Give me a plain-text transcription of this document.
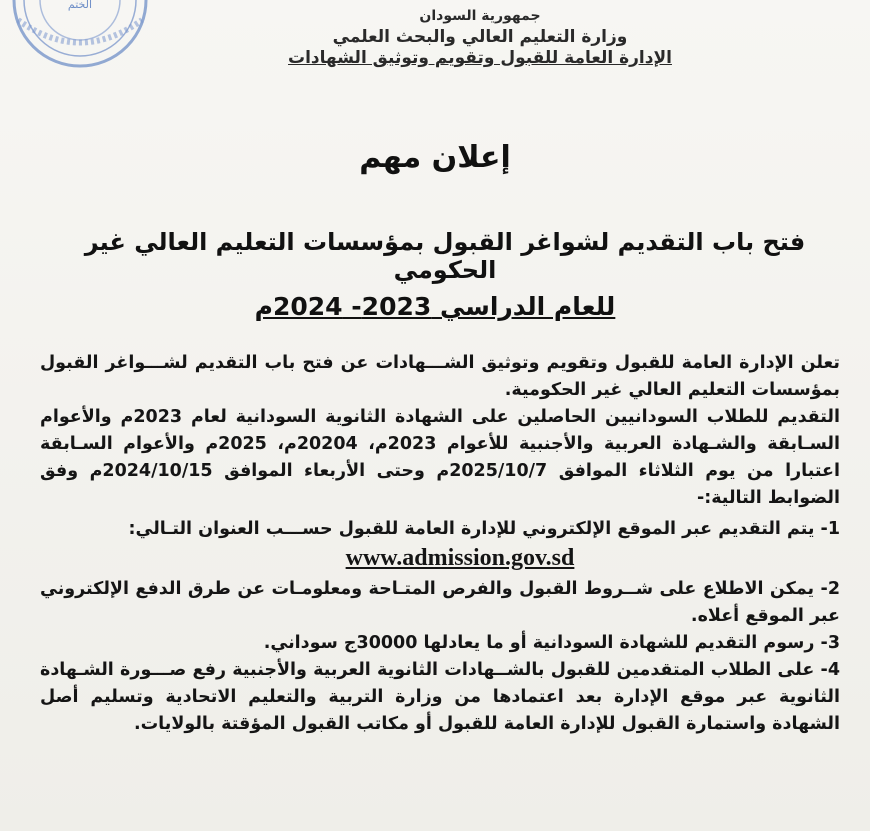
الختم
جمهورية السودان
وزارة التعليم العالي والبحث العلمي
الإدارة العامة للقبول وتقويم وتوثيق الشهادات
إعلان مهم
فتح باب التقديم لشواغر القبول بمؤسسات التعليم العالي غير الحكومي
للعام الدراسي 2023- 2024م

تعلن الإدارة العامة للقبول وتقويم وتوثيق الشـــهادات عن فتح باب التقديم لشـــواغر القبول بمؤسسات التعليم العالي غير الحكومية.

التقديم للطلاب السودانيين الحاصلين على الشهادة الثانوية السودانية لعام 2023م والأعوام السـابقة والشـهادة العربية والأجنبية للأعوام 2023م، 20204م، 2025م والأعوام السـابقة اعتبارا من يوم الثلاثاء الموافق 2025/10/7م وحتى الأربعاء الموافق 2024/10/15م وفق الضوابط التالية:-

1- يتم التقديم عبر الموقع الإلكتروني للإدارة العامة للقبول حســـب العنوان التـالي:
www.admission.gov.sd
2- يمكن الاطلاع على شــروط القبول والفرص المتـاحة ومعلومـات عن طرق الدفع الإلكتروني عبر الموقع أعلاه.
3- رسوم التقديم للشهادة السودانية أو ما يعادلها 30000ج سوداني.
4- على الطلاب المتقدمين للقبول بالشــهادات الثانوية العربية والأجنبية رفع صـــورة الشـهادة الثانوية عبر موقع الإدارة بعد اعتمادها من وزارة التربية والتعليم الاتحادية وتسليم أصل الشهادة واستمارة القبول للإدارة العامة للقبول أو مكاتب القبول المؤقتة بالولايات.
